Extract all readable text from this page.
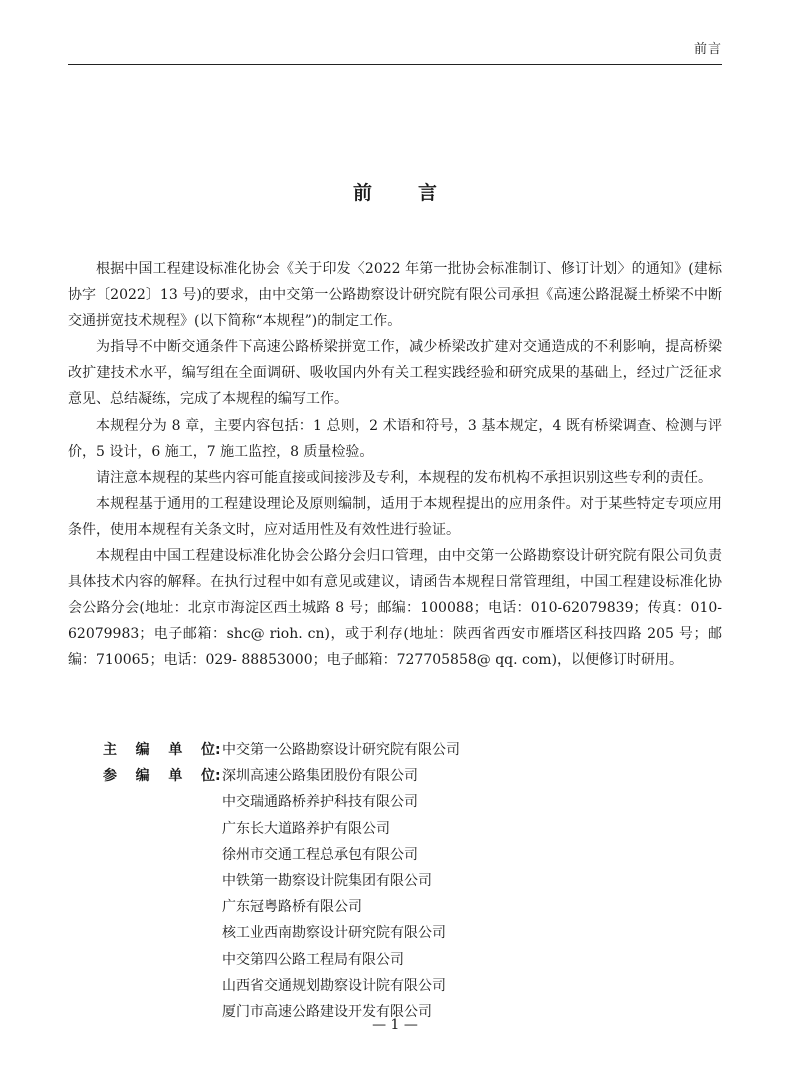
前言
前言

根据中国工程建设标准化协会《关于印发〈2022 年第一批协会标准制订、修订计划〉的通知》(建标协字〔2022〕13 号)的要求，由中交第一公路勘察设计研究院有限公司承担《高速公路混凝土桥梁不中断交通拼宽技术规程》(以下简称“本规程”)的制定工作。

为指导不中断交通条件下高速公路桥梁拼宽工作，减少桥梁改扩建对交通造成的不利影响，提高桥梁改扩建技术水平，编写组在全面调研、吸收国内外有关工程实践经验和研究成果的基础上，经过广泛征求意见、总结凝练，完成了本规程的编写工作。

本规程分为 8 章，主要内容包括：1 总则，2 术语和符号，3 基本规定，4 既有桥梁调查、检测与评价，5 设计，6 施工，7 施工监控，8 质量检验。

请注意本规程的某些内容可能直接或间接涉及专利，本规程的发布机构不承担识别这些专利的责任。

本规程基于通用的工程建设理论及原则编制，适用于本规程提出的应用条件。对于某些特定专项应用条件，使用本规程有关条文时，应对适用性及有效性进行验证。

本规程由中国工程建设标准化协会公路分会归口管理，由中交第一公路勘察设计研究院有限公司负责具体技术内容的解释。在执行过程中如有意见或建议，请函告本规程日常管理组，中国工程建设标准化协会公路分会(地址：北京市海淀区西土城路 8 号；邮编：100088；电话：010-62079839；传真：010-62079983；电子邮箱：shc@ rioh. cn)，或于利存(地址：陕西省西安市雁塔区科技四路 205 号；邮编：710065；电话：029- 88853000；电子邮箱：727705858@ qq. com)，以便修订时研用。

主 编 单 位 : 中交第一公路勘察设计研究院有限公司
参 编 单 位 : 深圳高速公路集团股份有限公司
中交瑞通路桥养护科技有限公司
广东长大道路养护有限公司
徐州市交通工程总承包有限公司
中铁第一勘察设计院集团有限公司
广东冠粤路桥有限公司
核工业西南勘察设计研究院有限公司
中交第四公路工程局有限公司
山西省交通规划勘察设计院有限公司
厦门市高速公路建设开发有限公司
— 1 —
